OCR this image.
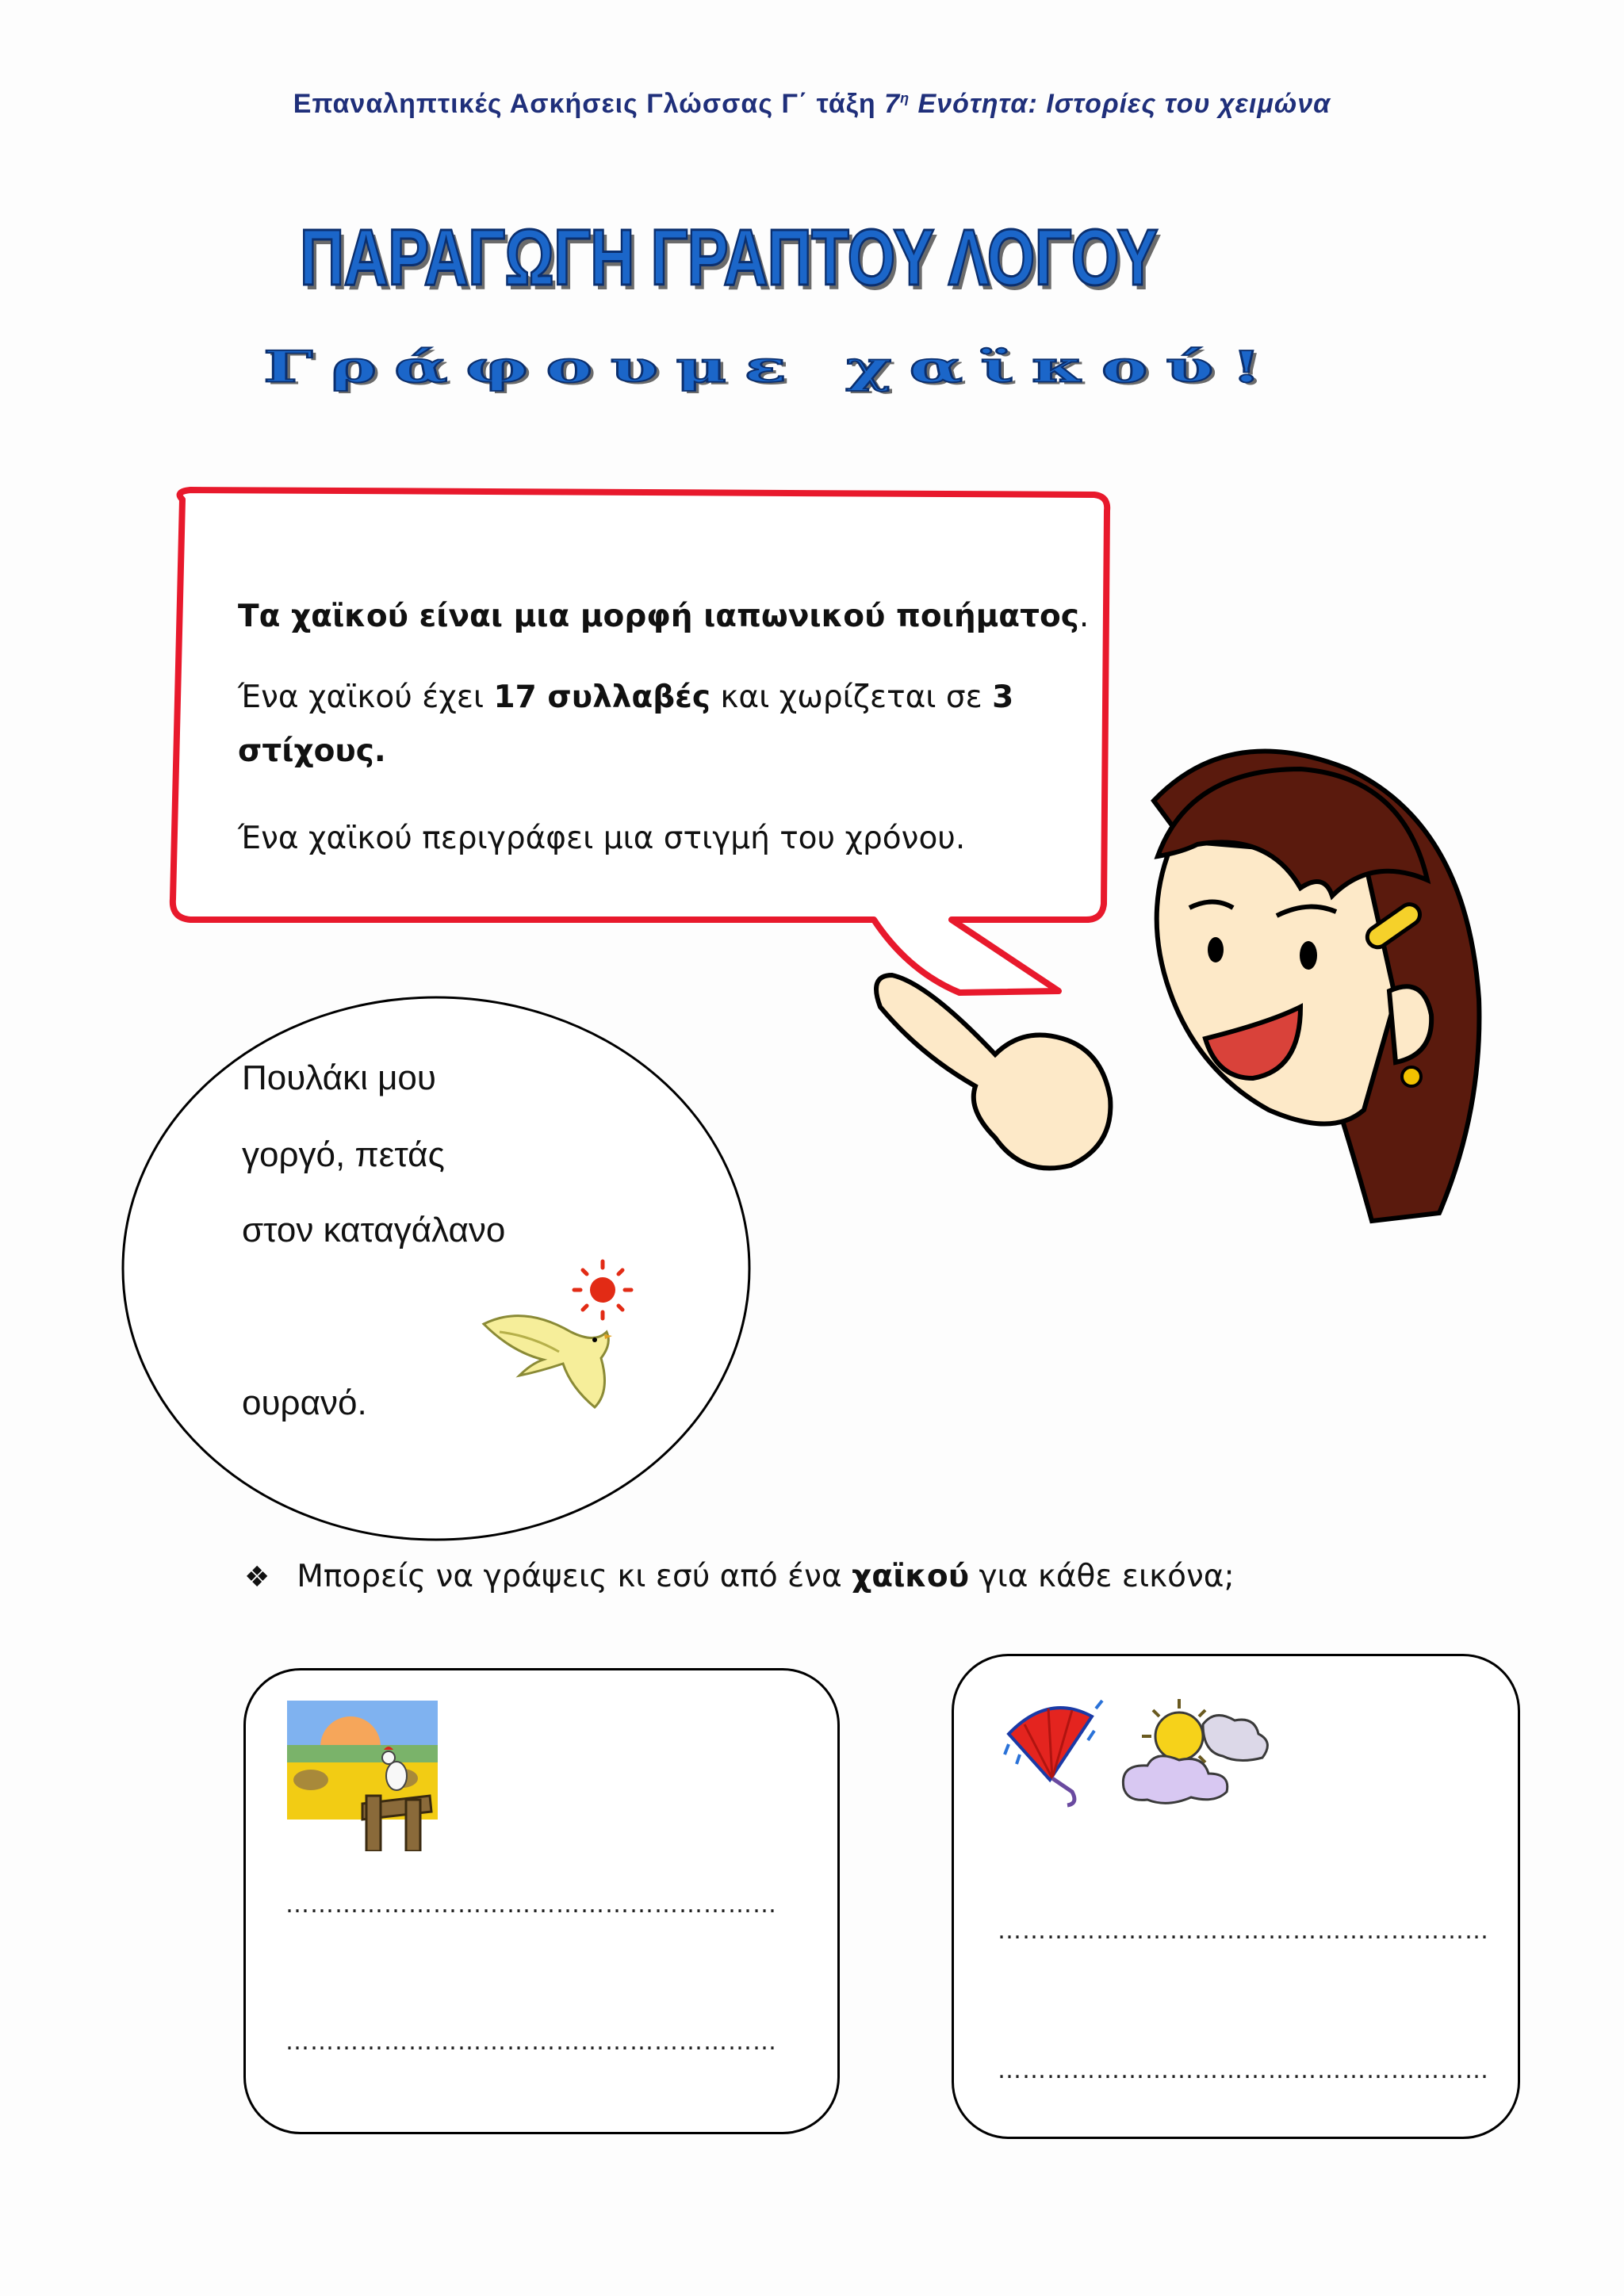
Επαναληπτικές Ασκήσεις Γλώσσας Γ΄ τάξη $7^\eta$ Ενότητα: Ιστορίες του χειμώνα
ΠΑΡΑΓΩΓΗ ΓΡΑΠΤΟΥ ΛΟΓΟΥ
Γράφουμε χαϊκού!
Τα χαϊκού είναι μια μορφή ιαπωνικού ποιήματος.
Ένα χαϊκού έχει 17 συλλαβές και χωρίζεται σε 3
στίχους.
Ένα χαϊκού περιγράφει μια στιγμή του χρόνου.
Πουλάκι μου
γοργό, πετάς
στον καταγάλανο
ουρανό.
❖ Μπορείς να γράψεις κι εσύ από ένα χαϊκού για κάθε εικόνα;
……………………………………………………
……………………………………………………
……………………………………………………
……………………………………………………
